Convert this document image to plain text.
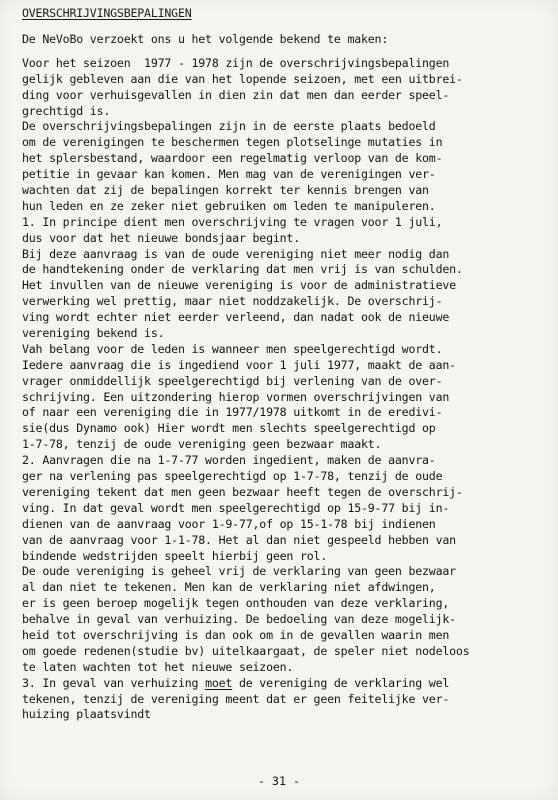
OVERSCHRIJVINGSBEPALINGEN
De NeVoBo verzoekt ons u het volgende bekend te maken:
Voor het seizoen  1977 - 1978 zijn de overschrijvingsbepalingen
gelijk gebleven aan die van het lopende seizoen, met een uitbrei-
ding voor verhuisgevallen in dien zin dat men dan eerder speel-
grechtigd is.
De overschrijvingsbepalingen zijn in de eerste plaats bedoeld
om de verenigingen te beschermen tegen plotselinge mutaties in
het splersbestand, waardoor een regelmatig verloop van de kom-
petitie in gevaar kan komen. Men mag van de verenigingen ver-
wachten dat zij de bepalingen korrekt ter kennis brengen van
hun leden en ze zeker niet gebruiken om leden te manipuleren.
1. In principe dient men overschrijving te vragen voor 1 juli,
dus voor dat het nieuwe bondsjaar begint.
Bij deze aanvraag is van de oude vereniging niet meer nodig dan
de handtekening onder de verklaring dat men vrij is van schulden.
Het invullen van de nieuwe vereniging is voor de administratieve
verwerking wel prettig, maar niet noddzakelijk. De overschrij-
ving wordt echter niet eerder verleend, dan nadat ook de nieuwe
vereniging bekend is.
Vah belang voor de leden is wanneer men speelgerechtigd wordt.
Iedere aanvraag die is ingediend voor 1 juli 1977, maakt de aan-
vrager onmiddellijk speelgerechtigd bij verlening van de over-
schrijving. Een uitzondering hierop vormen overschrijvingen van
of naar een vereniging die in 1977/1978 uitkomt in de eredivi-
sie(dus Dynamo ook) Hier wordt men slechts speelgerechtigd op
1-7-78, tenzij de oude vereniging geen bezwaar maakt.
2. Aanvragen die na 1-7-77 worden ingedient, maken de aanvra-
ger na verlening pas speelgerechtigd op 1-7-78, tenzij de oude
vereniging tekent dat men geen bezwaar heeft tegen de overschrij-
ving. In dat geval wordt men speelgerechtigd op 15-9-77 bij in-
dienen van de aanvraag voor 1-9-77,of op 15-1-78 bij indienen
van de aanvraag voor 1-1-78. Het al dan niet gespeeld hebben van
bindende wedstrijden speelt hierbij geen rol.
De oude vereniging is geheel vrij de verklaring van geen bezwaar
al dan niet te tekenen. Men kan de verklaring niet afdwingen,
er is geen beroep mogelijk tegen onthouden van deze verklaring,
behalve in geval van verhuizing. De bedoeling van deze mogelijk-
heid tot overschrijving is dan ook om in de gevallen waarin men
om goede redenen(studie bv) uitelkaargaat, de speler niet nodeloos
te laten wachten tot het nieuwe seizoen.
3. In geval van verhuizing moet de vereniging de verklaring wel
tekenen, tenzij de vereniging meent dat er geen feitelijke ver-
huizing plaatsvindt
- 31 -
